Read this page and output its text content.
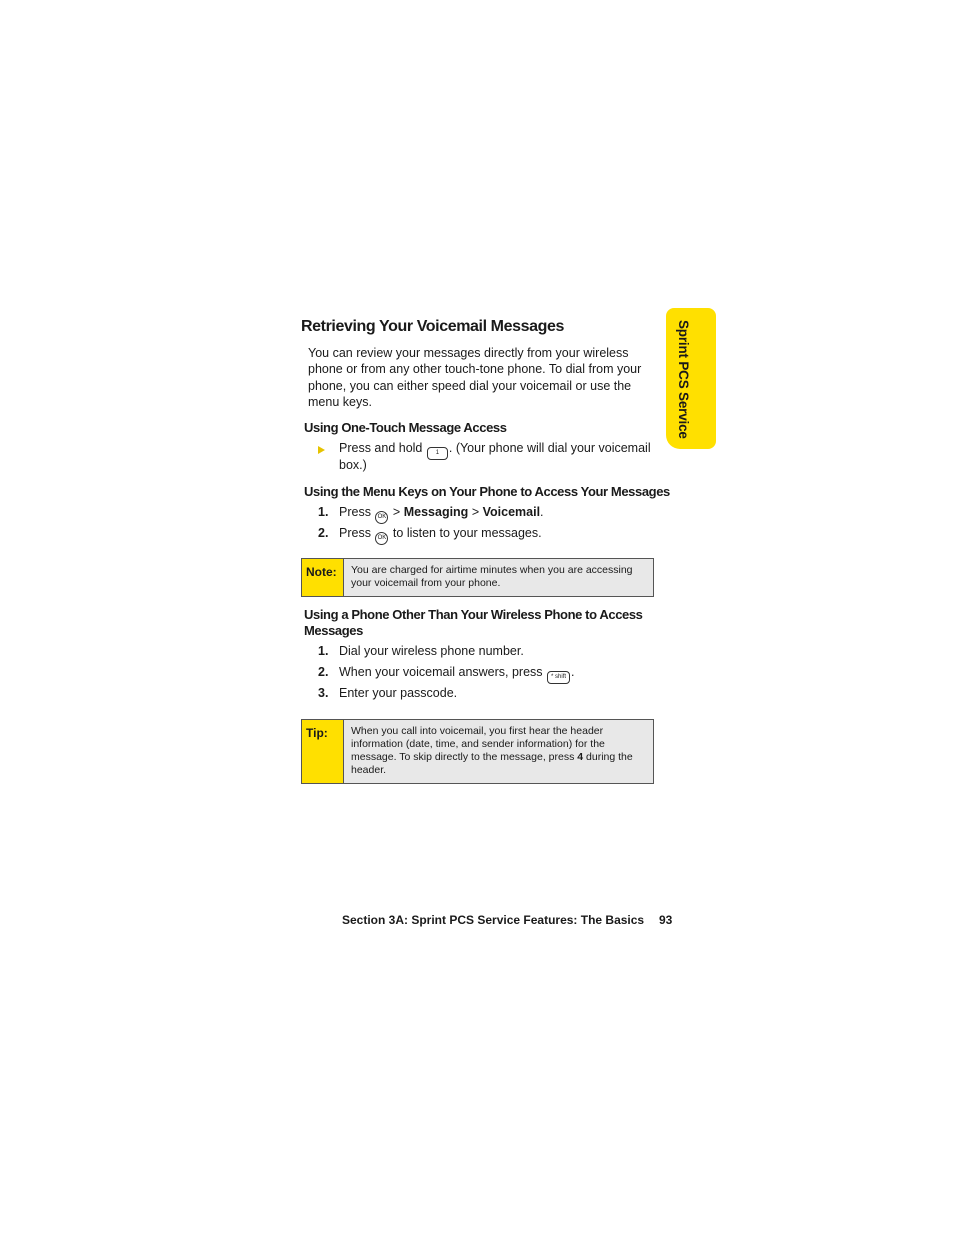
Sprint PCS Service
Retrieving Your Voicemail Messages

You can review your messages directly from your wireless phone or from any other touch-tone phone. To dial from your phone, you can either speed dial your voicemail or use the menu keys.

Using One-Touch Message Access
Press and hold 1 . (Your phone will dial your voicemail
box.)
Using the Menu Keys on Your Phone to Access Your Messages
1. Press OK > Messaging > Voicemail.
2. Press OK to listen to your messages.
Note:	You are charged for airtime minutes when you are accessing your voicemail from your phone.
Using a Phone Other Than Your Wireless Phone to Access
Messages
1. Dial your wireless phone number.
2. When your voicemail answers, press * shift .
3. Enter your passcode.
Tip:	When you call into voicemail, you first hear the header information (date, time, and sender information) for the message. To skip directly to the message, press 4 during the header.
Section 3A: Sprint PCS Service Features: The Basics 93
